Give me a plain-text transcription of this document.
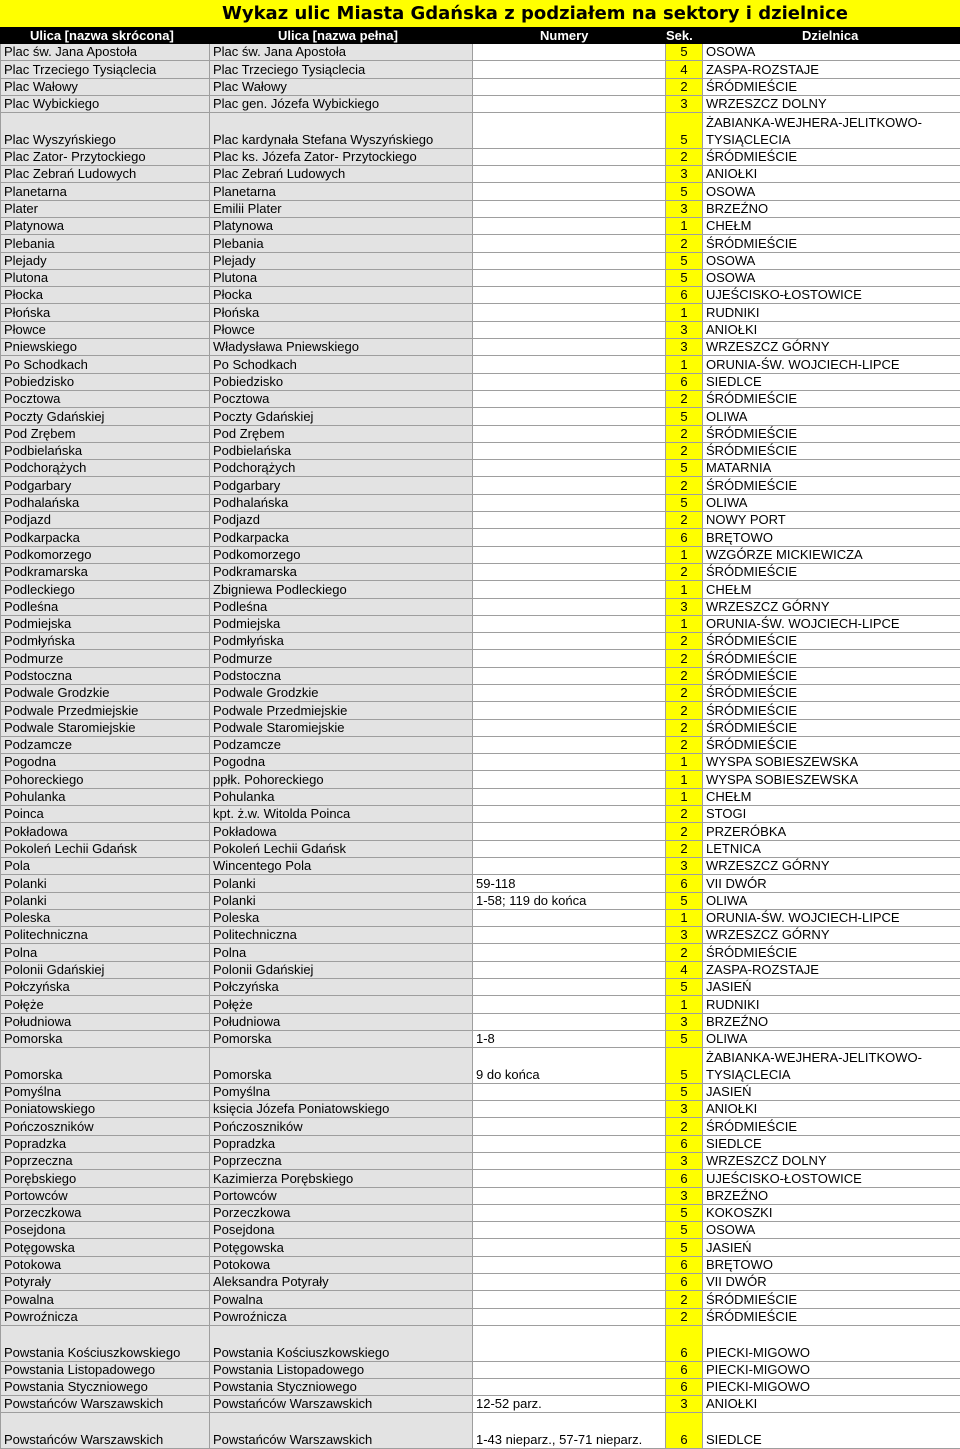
Wykaz ulic Miasta Gdańska z podziałem na sektory i dzielnice
Ulica [nazwa skrócona]	Ulica [nazwa pełna]	Numery	Sek.	Dzielnica
Plac św. Jana Apostoła	Plac św. Jana Apostoła		5	OSOWA
Plac Trzeciego Tysiąclecia	Plac Trzeciego Tysiąclecia		4	ZASPA-ROZSTAJE
Plac Wałowy	Plac Wałowy		2	ŚRÓDMIEŚCIE
Plac Wybickiego	Plac gen. Józefa Wybickiego		3	WRZESZCZ DOLNY
Plac Wyszyńskiego	Plac kardynała Stefana Wyszyńskiego		5	ŻABIANKA-WEJHERA-JELITKOWO-TYSIĄCLECIA
Plac Zator- Przytockiego	Plac ks. Józefa Zator- Przytockiego		2	ŚRÓDMIEŚCIE
Plac Zebrań Ludowych	Plac Zebrań Ludowych		3	ANIOŁKI
Planetarna	Planetarna		5	OSOWA
Plater	Emilii Plater		3	BRZEŹNO
Platynowa	Platynowa		1	CHEŁM
Plebania	Plebania		2	ŚRÓDMIEŚCIE
Plejady	Plejady		5	OSOWA
Plutona	Plutona		5	OSOWA
Płocka	Płocka		6	UJEŚCISKO-ŁOSTOWICE
Płońska	Płońska		1	RUDNIKI
Płowce	Płowce		3	ANIOŁKI
Pniewskiego	Władysława Pniewskiego		3	WRZESZCZ GÓRNY
Po Schodkach	Po Schodkach		1	ORUNIA-ŚW. WOJCIECH-LIPCE
Pobiedzisko	Pobiedzisko		6	SIEDLCE
Pocztowa	Pocztowa		2	ŚRÓDMIEŚCIE
Poczty Gdańskiej	Poczty Gdańskiej		5	OLIWA
Pod Zrębem	Pod Zrębem		2	ŚRÓDMIEŚCIE
Podbielańska	Podbielańska		2	ŚRÓDMIEŚCIE
Podchorążych	Podchorążych		5	MATARNIA
Podgarbary	Podgarbary		2	ŚRÓDMIEŚCIE
Podhalańska	Podhalańska		5	OLIWA
Podjazd	Podjazd		2	NOWY PORT
Podkarpacka	Podkarpacka		6	BRĘTOWO
Podkomorzego	Podkomorzego		1	WZGÓRZE MICKIEWICZA
Podkramarska	Podkramarska		2	ŚRÓDMIEŚCIE
Podleckiego	Zbigniewa Podleckiego		1	CHEŁM
Podleśna	Podleśna		3	WRZESZCZ GÓRNY
Podmiejska	Podmiejska		1	ORUNIA-ŚW. WOJCIECH-LIPCE
Podmłyńska	Podmłyńska		2	ŚRÓDMIEŚCIE
Podmurze	Podmurze		2	ŚRÓDMIEŚCIE
Podstoczna	Podstoczna		2	ŚRÓDMIEŚCIE
Podwale Grodzkie	Podwale Grodzkie		2	ŚRÓDMIEŚCIE
Podwale Przedmiejskie	Podwale Przedmiejskie		2	ŚRÓDMIEŚCIE
Podwale Staromiejskie	Podwale Staromiejskie		2	ŚRÓDMIEŚCIE
Podzamcze	Podzamcze		2	ŚRÓDMIEŚCIE
Pogodna	Pogodna		1	WYSPA SOBIESZEWSKA
Pohoreckiego	ppłk. Pohoreckiego		1	WYSPA SOBIESZEWSKA
Pohulanka	Pohulanka		1	CHEŁM
Poinca	kpt. ż.w. Witolda Poinca		2	STOGI
Pokładowa	Pokładowa		2	PRZERÓBKA
Pokoleń Lechii Gdańsk	Pokoleń Lechii Gdańsk		2	LETNICA
Pola	Wincentego Pola		3	WRZESZCZ GÓRNY
Polanki	Polanki	59-118	6	VII DWÓR
Polanki	Polanki	1-58; 119 do końca	5	OLIWA
Poleska	Poleska		1	ORUNIA-ŚW. WOJCIECH-LIPCE
Politechniczna	Politechniczna		3	WRZESZCZ GÓRNY
Polna	Polna		2	ŚRÓDMIEŚCIE
Polonii Gdańskiej	Polonii Gdańskiej		4	ZASPA-ROZSTAJE
Połczyńska	Połczyńska		5	JASIEŃ
Połęże	Połęże		1	RUDNIKI
Południowa	Południowa		3	BRZEŹNO
Pomorska	Pomorska	1-8	5	OLIWA
Pomorska	Pomorska	9 do końca	5	ŻABIANKA-WEJHERA-JELITKOWO-TYSIĄCLECIA
Pomyślna	Pomyślna		5	JASIEŃ
Poniatowskiego	księcia Józefa Poniatowskiego		3	ANIOŁKI
Pończoszników	Pończoszników		2	ŚRÓDMIEŚCIE
Popradzka	Popradzka		6	SIEDLCE
Poprzeczna	Poprzeczna		3	WRZESZCZ DOLNY
Porębskiego	Kazimierza Porębskiego		6	UJEŚCISKO-ŁOSTOWICE
Portowców	Portowców		3	BRZEŹNO
Porzeczkowa	Porzeczkowa		5	KOKOSZKI
Posejdona	Posejdona		5	OSOWA
Potęgowska	Potęgowska		5	JASIEŃ
Potokowa	Potokowa		6	BRĘTOWO
Potyrały	Aleksandra Potyrały		6	VII DWÓR
Powalna	Powalna		2	ŚRÓDMIEŚCIE
Powroźnicza	Powroźnicza		2	ŚRÓDMIEŚCIE
Powstania Kościuszkowskiego	Powstania Kościuszkowskiego		6	PIECKI-MIGOWO
Powstania Listopadowego	Powstania Listopadowego		6	PIECKI-MIGOWO
Powstania Styczniowego	Powstania Styczniowego		6	PIECKI-MIGOWO
Powstańców Warszawskich	Powstańców Warszawskich	12-52 parz.	3	ANIOŁKI
Powstańców Warszawskich	Powstańców Warszawskich	1-43 nieparz., 57-71 nieparz.	6	SIEDLCE
